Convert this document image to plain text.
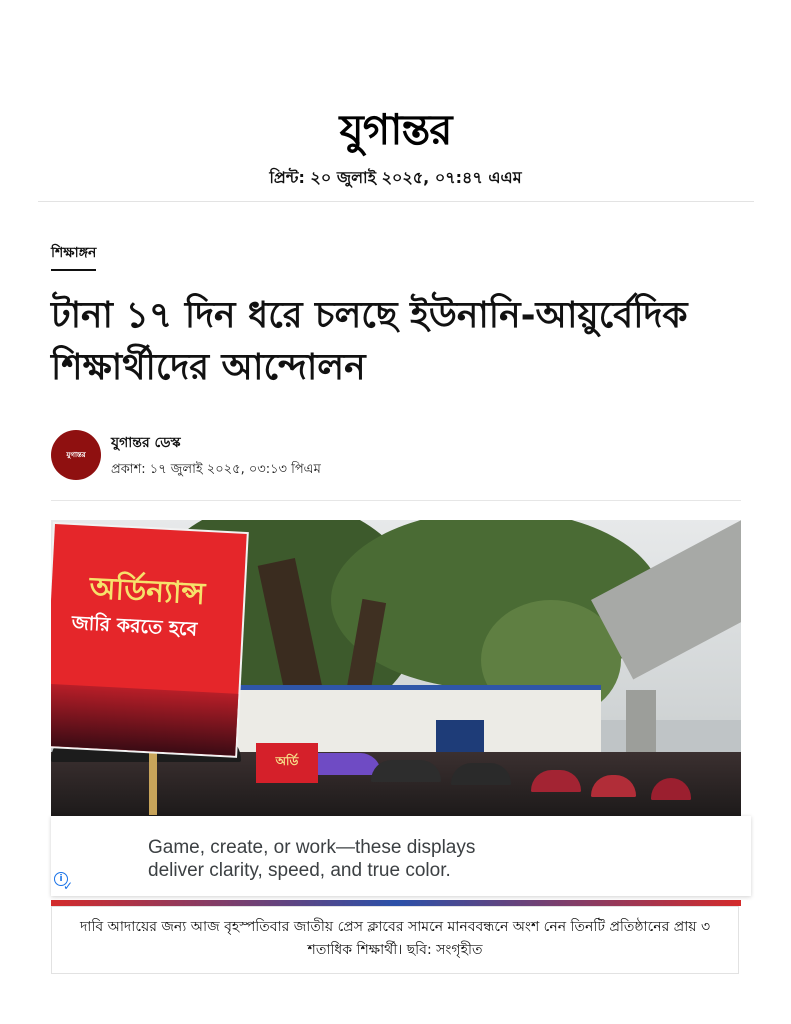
যুগান্তর
প্রিন্ট: ২০ জুলাই ২০২৫, ০৭:৪৭ এএম
শিক্ষাঙ্গন
টানা ১৭ দিন ধরে চলছে ইউনানি-আয়ুর্বেদিক শিক্ষার্থীদের আন্দোলন
যুগান্তর
যুগান্তর ডেস্ক
প্রকাশ: ১৭ জুলাই ২০২৫, ০৩:১৩ পিএম
অর্ডি
অর্ডিন্যান্স
জারি করতে হবে
Game, create, or work—these displays
deliver clarity, speed, and true color.
i ✓
দাবি আদায়ের জন্য আজ বৃহস্পতিবার জাতীয় প্রেস ক্লাবের সামনে মানববন্ধনে অংশ নেন তিনটি প্রতিষ্ঠানের প্রায় ৩ শতাধিক শিক্ষার্থী। ছবি: সংগৃহীত
